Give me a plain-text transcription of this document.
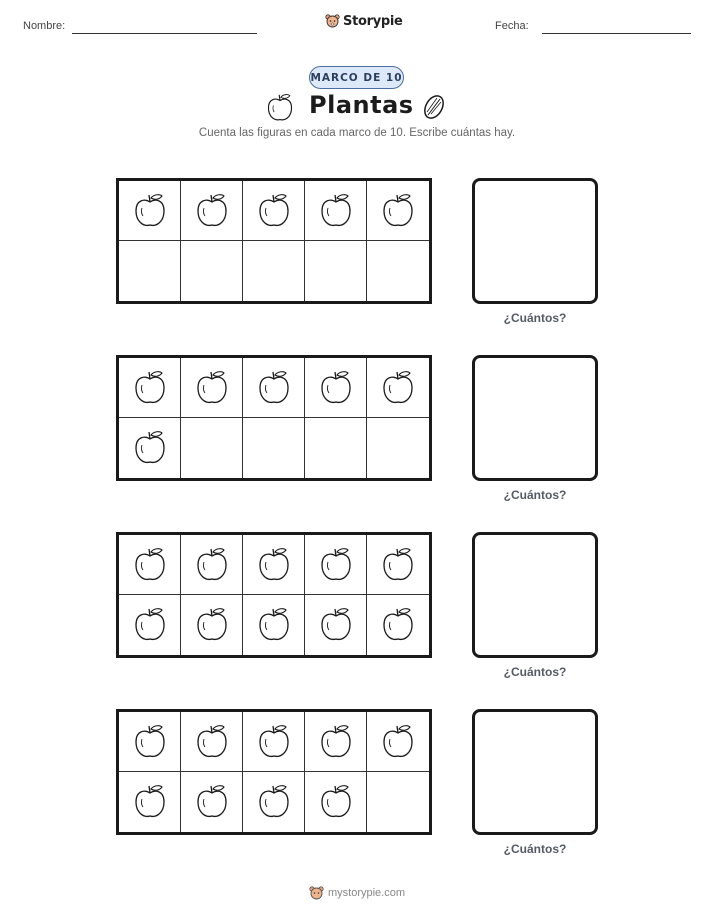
Nombre:	Storypie	Fecha:
MARCO DE 10
Plantas
Cuenta las figuras en cada marco de 10. Escribe cuántas hay.
¿Cuántos?
¿Cuántos?
¿Cuántos?
¿Cuántos?
mystorypie.com
